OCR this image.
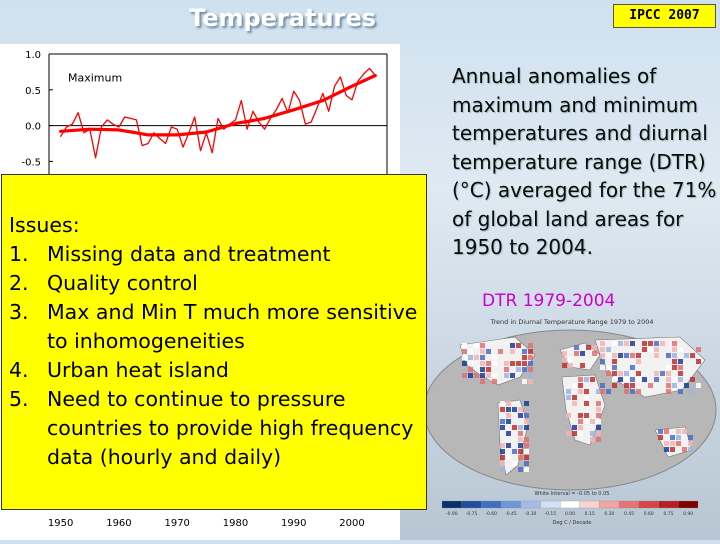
Temperatures	IPCC 2007
1.0
0.5
0.0
-0.5
Maximum
1950	1960	1970	1980	1990	2000
Annual anomalies of maximum and minimum temperatures and diurnal temperature range (DTR) (°C) averaged for the 71% of global land areas for 1950 to 2004.
DTR 1979-2004
Trend in Diurnal Temperature Range 1979 to 2004
White Interval = -0.05 to 0.05
-0.90 -0.75 -0.60 -0.45 -0.30 -0.15 0.00 0.15 0.30 0.45 0.60 0.75 0.90
Deg C / Decade
Issues:
1. Missing data and treatment
2. Quality control
3. Max and Min T much more sensitive to inhomogeneities
4. Urban heat island
5. Need to continue to pressure countries to provide high frequency data (hourly and daily)
